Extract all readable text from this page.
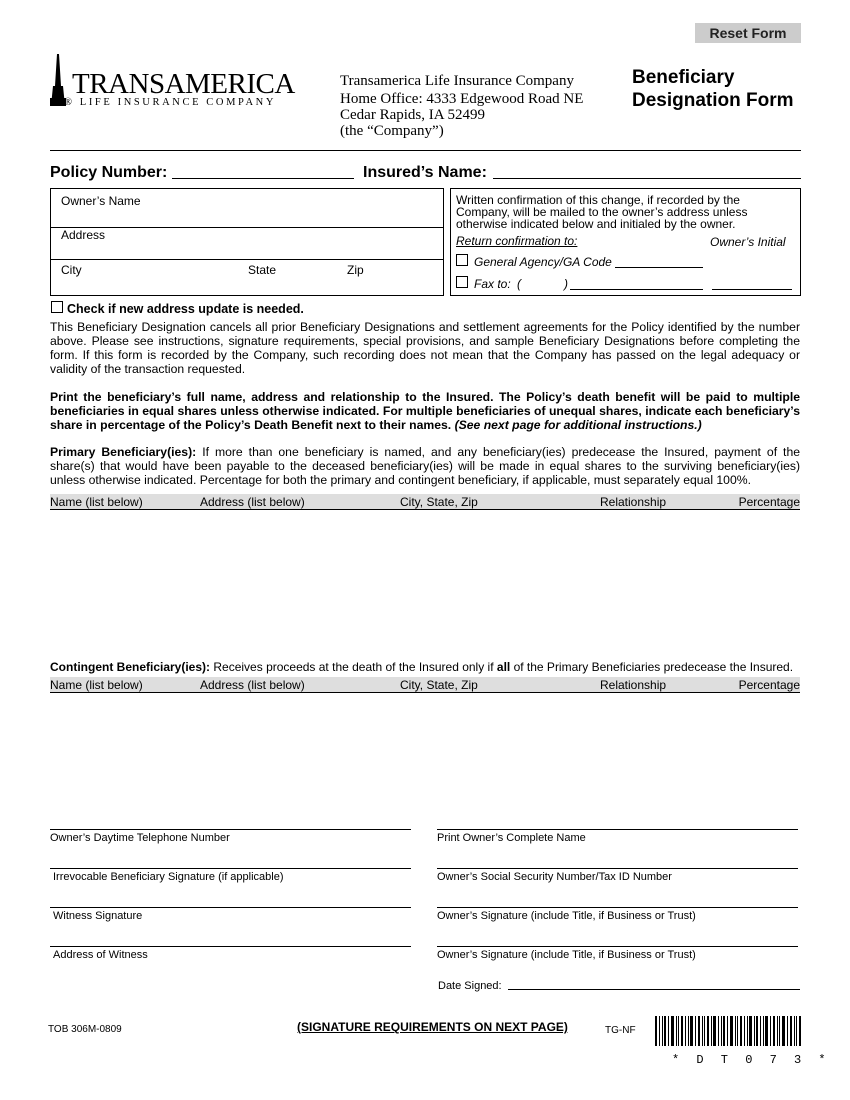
Reset Form
TRANSAMERICA
® LIFE INSURANCE COMPANY
Transamerica Life Insurance Company
Home Office: 4333 Edgewood Road NE
Cedar Rapids, IA 52499
(the “Company”)
Beneficiary
Designation Form
Policy Number:	Insured’s Name:
Owner’s Name
Address
City	State	Zip
Written confirmation of this change, if recorded by the Company, will be mailed to the owner’s address unless otherwise indicated below and initialed by the owner.
Return confirmation to:	Owner’s Initial
General Agency/GA Code
Fax to: (	)
Check if new address update is needed.
This Beneficiary Designation cancels all prior Beneficiary Designations and settlement agreements for the Policy identified by the number above. Please see instructions, signature requirements, special provisions, and sample Beneficiary Designations before completing the form. If this form is recorded by the Company, such recording does not mean that the Company has passed on the legal adequacy or validity of the transaction requested.
Print the beneficiary’s full name, address and relationship to the Insured. The Policy’s death benefit will be paid to multiple beneficiaries in equal shares unless otherwise indicated. For multiple beneficiaries of unequal shares, indicate each beneficiary’s share in percentage of the Policy’s Death Benefit next to their names. (See next page for additional instructions.)
Primary Beneficiary(ies): If more than one beneficiary is named, and any beneficiary(ies) predecease the Insured, payment of the share(s) that would have been payable to the deceased beneficiary(ies) will be made in equal shares to the surviving beneficiary(ies) unless otherwise indicated. Percentage for both the primary and contingent beneficiary, if applicable, must separately equal 100%.
Name (list below)	Address (list below)	City, State, Zip	Relationship	Percentage
Contingent Beneficiary(ies): Receives proceeds at the death of the Insured only if all of the Primary Beneficiaries predecease the Insured.
Name (list below)	Address (list below)	City, State, Zip	Relationship	Percentage
Owner’s Daytime Telephone Number	Print Owner’s Complete Name
Irrevocable Beneficiary Signature (if applicable)	Owner’s Social Security Number/Tax ID Number
Witness Signature	Owner’s Signature (include Title, if Business or Trust)
Address of Witness	Owner’s Signature (include Title, if Business or Trust)
Date Signed:
TOB 306M-0809	(SIGNATURE REQUIREMENTS ON NEXT PAGE)	TG-NF
* D T 0 7 3 *
